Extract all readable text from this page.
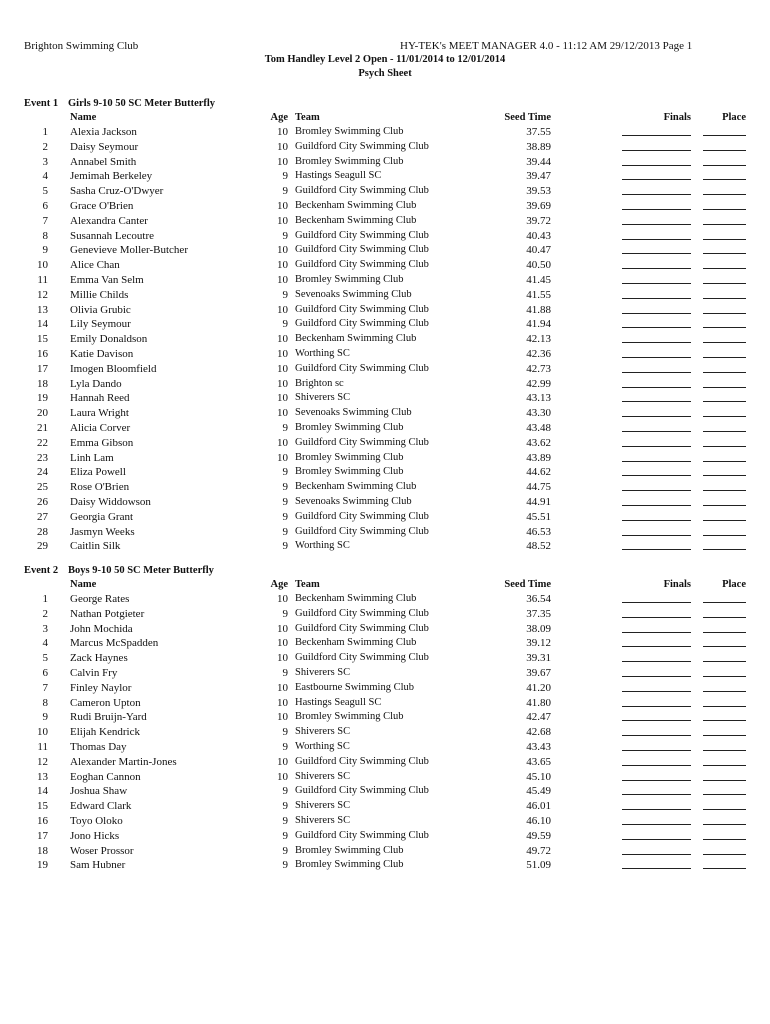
Brighton Swimming Club	HY-TEK's MEET MANAGER 4.0 - 11:12 AM 29/12/2013 Page 1
Tom Handley Level 2 Open - 11/01/2014 to 12/01/2014
Psych Sheet
Event 1 Girls 9-10 50 SC Meter Butterfly
Name	Age Team	Seed Time	Finals	Place
1 Alexia Jackson	10 Bromley Swimming Club	37.55
2 Daisy Seymour	10 Guildford City Swimming Club	38.89
3 Annabel Smith	10 Bromley Swimming Club	39.44
4 Jemimah Berkeley	9 Hastings Seagull SC	39.47
5 Sasha Cruz-O'Dwyer	9 Guildford City Swimming Club	39.53
6 Grace O'Brien	10 Beckenham Swimming Club	39.69
7 Alexandra Canter	10 Beckenham Swimming Club	39.72
8 Susannah Lecoutre	9 Guildford City Swimming Club	40.43
9 Genevieve Moller-Butcher	10 Guildford City Swimming Club	40.47
10 Alice Chan	10 Guildford City Swimming Club	40.50
11 Emma Van Selm	10 Bromley Swimming Club	41.45
12 Millie Childs	9 Sevenoaks Swimming Club	41.55
13 Olivia Grubic	10 Guildford City Swimming Club	41.88
14 Lily Seymour	9 Guildford City Swimming Club	41.94
15 Emily Donaldson	10 Beckenham Swimming Club	42.13
16 Katie Davison	10 Worthing SC	42.36
17 Imogen Bloomfield	10 Guildford City Swimming Club	42.73
18 Lyla Dando	10 Brighton sc	42.99
19 Hannah Reed	10 Shiverers SC	43.13
20 Laura Wright	10 Sevenoaks Swimming Club	43.30
21 Alicia Corver	9 Bromley Swimming Club	43.48
22 Emma Gibson	10 Guildford City Swimming Club	43.62
23 Linh Lam	10 Bromley Swimming Club	43.89
24 Eliza Powell	9 Bromley Swimming Club	44.62
25 Rose O'Brien	9 Beckenham Swimming Club	44.75
26 Daisy Widdowson	9 Sevenoaks Swimming Club	44.91
27 Georgia Grant	9 Guildford City Swimming Club	45.51
28 Jasmyn Weeks	9 Guildford City Swimming Club	46.53
29 Caitlin Silk	9 Worthing SC	48.52
Event 2 Boys 9-10 50 SC Meter Butterfly
Name	Age Team	Seed Time	Finals	Place
1 George Rates	10 Beckenham Swimming Club	36.54
2 Nathan Potgieter	9 Guildford City Swimming Club	37.35
3 John Mochida	10 Guildford City Swimming Club	38.09
4 Marcus McSpadden	10 Beckenham Swimming Club	39.12
5 Zack Haynes	10 Guildford City Swimming Club	39.31
6 Calvin Fry	9 Shiverers SC	39.67
7 Finley Naylor	10 Eastbourne Swimming Club	41.20
8 Cameron Upton	10 Hastings Seagull SC	41.80
9 Rudi Bruijn-Yard	10 Bromley Swimming Club	42.47
10 Elijah Kendrick	9 Shiverers SC	42.68
11 Thomas Day	9 Worthing SC	43.43
12 Alexander Martin-Jones	10 Guildford City Swimming Club	43.65
13 Eoghan Cannon	10 Shiverers SC	45.10
14 Joshua Shaw	9 Guildford City Swimming Club	45.49
15 Edward Clark	9 Shiverers SC	46.01
16 Toyo Oloko	9 Shiverers SC	46.10
17 Jono Hicks	9 Guildford City Swimming Club	49.59
18 Woser Prossor	9 Bromley Swimming Club	49.72
19 Sam Hubner	9 Bromley Swimming Club	51.09
